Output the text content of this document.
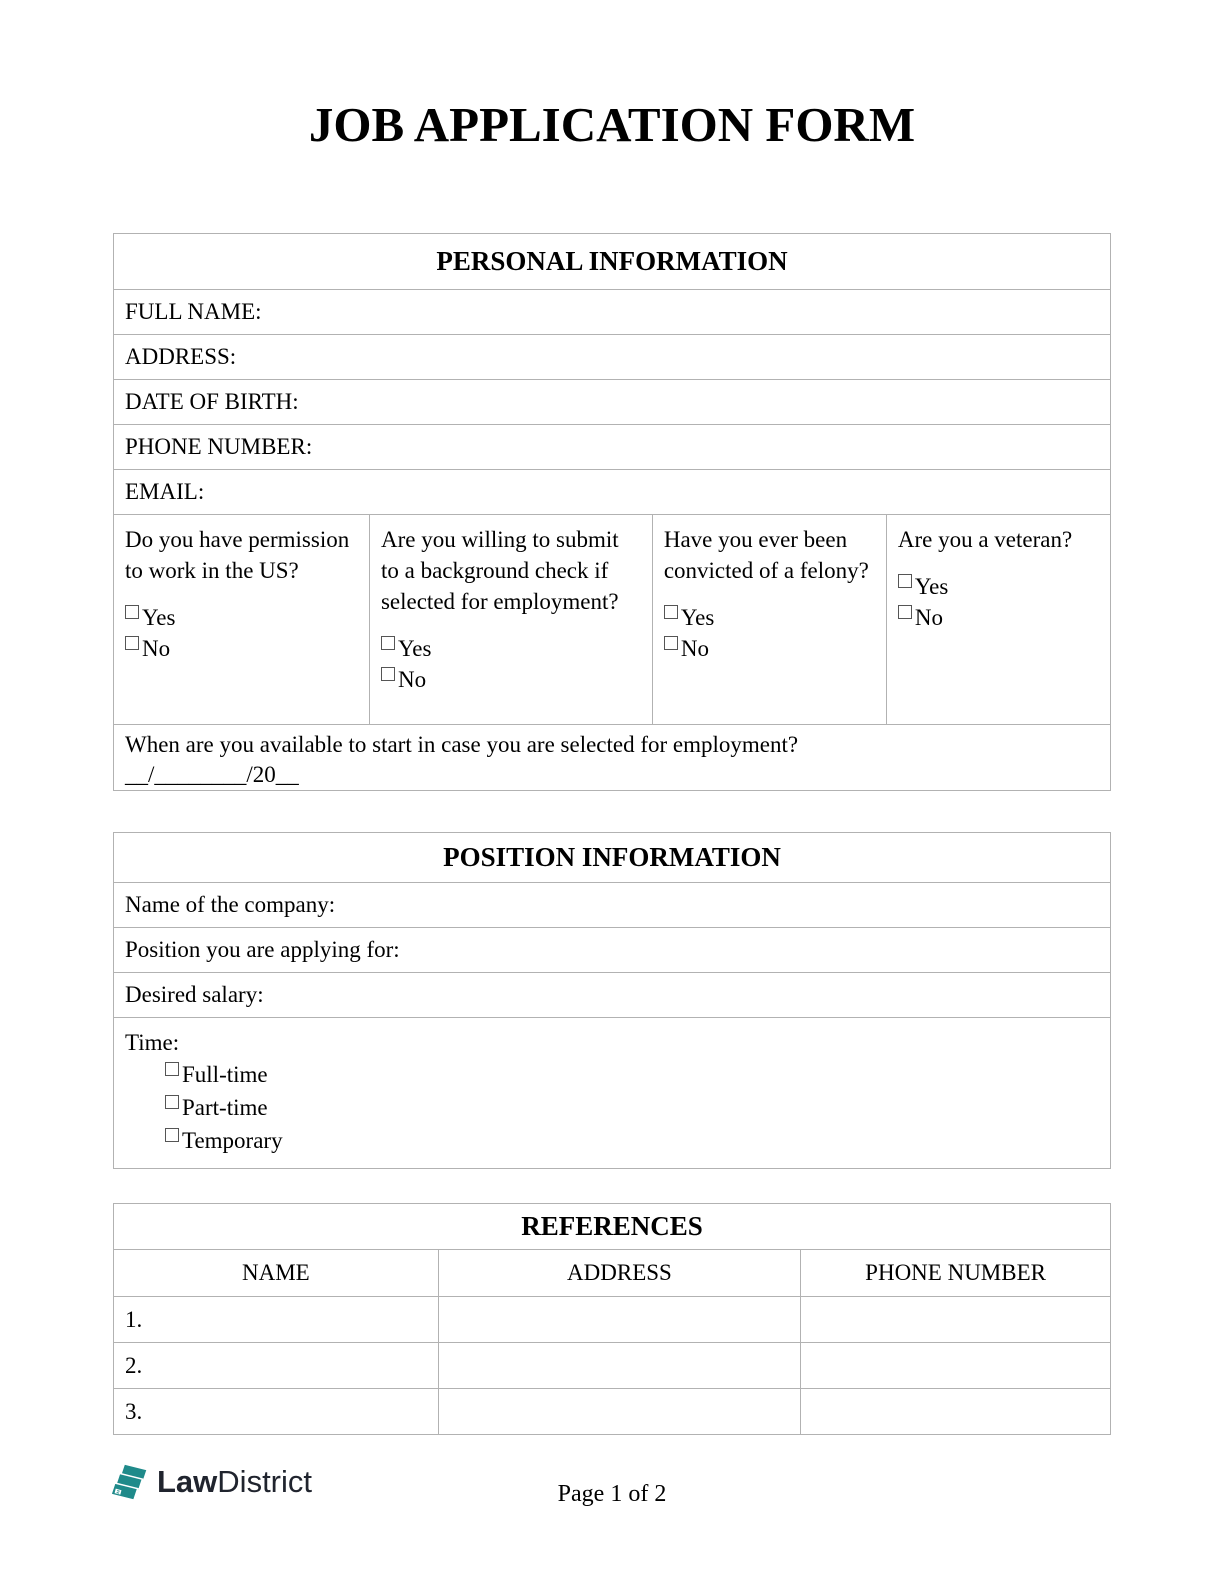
JOB APPLICATION FORM
PERSONAL INFORMATION
FULL NAME:
ADDRESS:
DATE OF BIRTH:
PHONE NUMBER:
EMAIL:

Do you have permission to work in the US?

Yes
No

Are you willing to submit to a background check if selected for employment?

Yes
No

Have you ever been convicted of a felony?

Yes
No

Are you a veteran?

Yes
No

When are you available to start in case you are selected for employment?

__/________/20__

POSITION INFORMATION
Name of the company:
Position you are applying for:
Desired salary:

Time:

Full-time
Part-time
Temporary
REFERENCES
NAME	ADDRESS	PHONE NUMBER
1.
2.
3.
Page 1 of 2
LawDistrict
